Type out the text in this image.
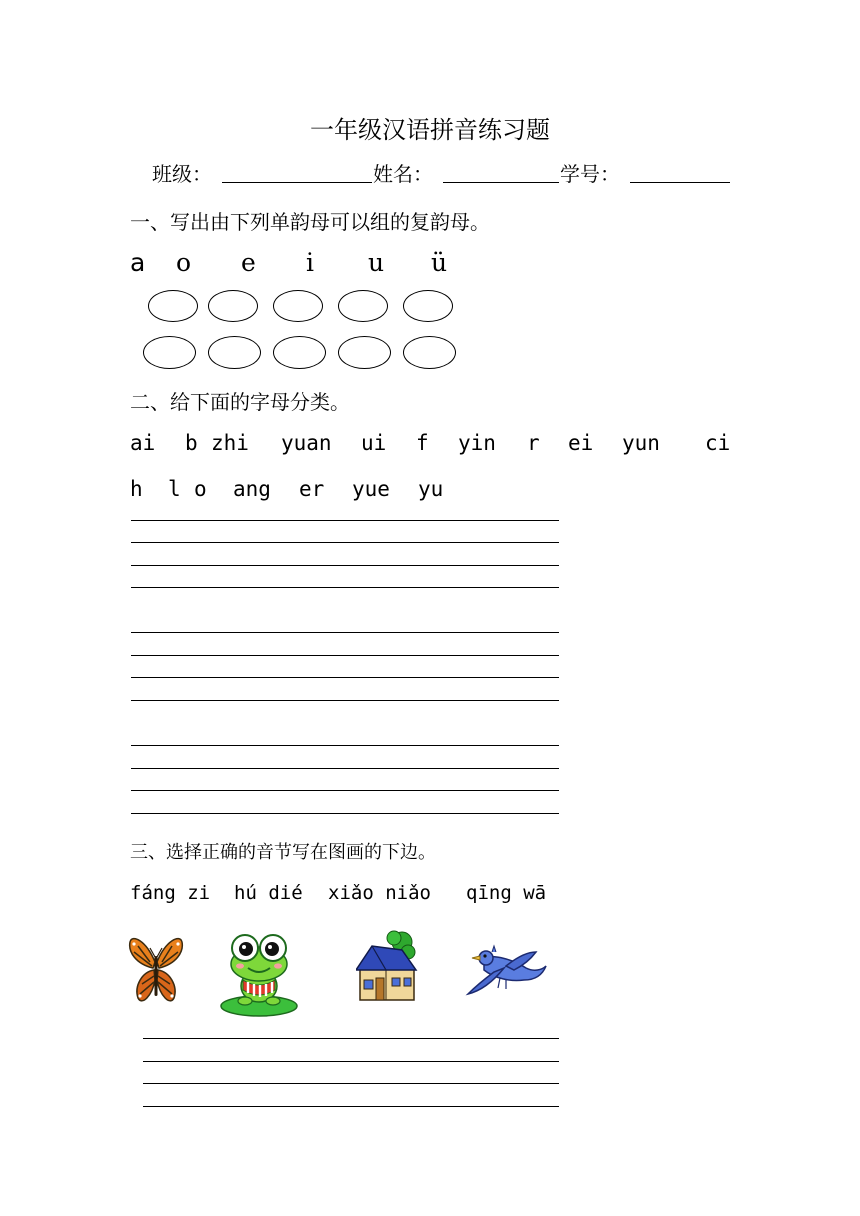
一年级汉语拼音练习题
班级：	姓名：	学号：
一、写出由下列单韵母可以组的复韵母。
a o e i u ü
二、给下面的字母分类。
ai b zhi yuan ui f yin r ei yun ci
h l o ang er yue yu
三、选择正确的音节写在图画的下边。
fáng zi hú dié xiǎo niǎo qīng wā
